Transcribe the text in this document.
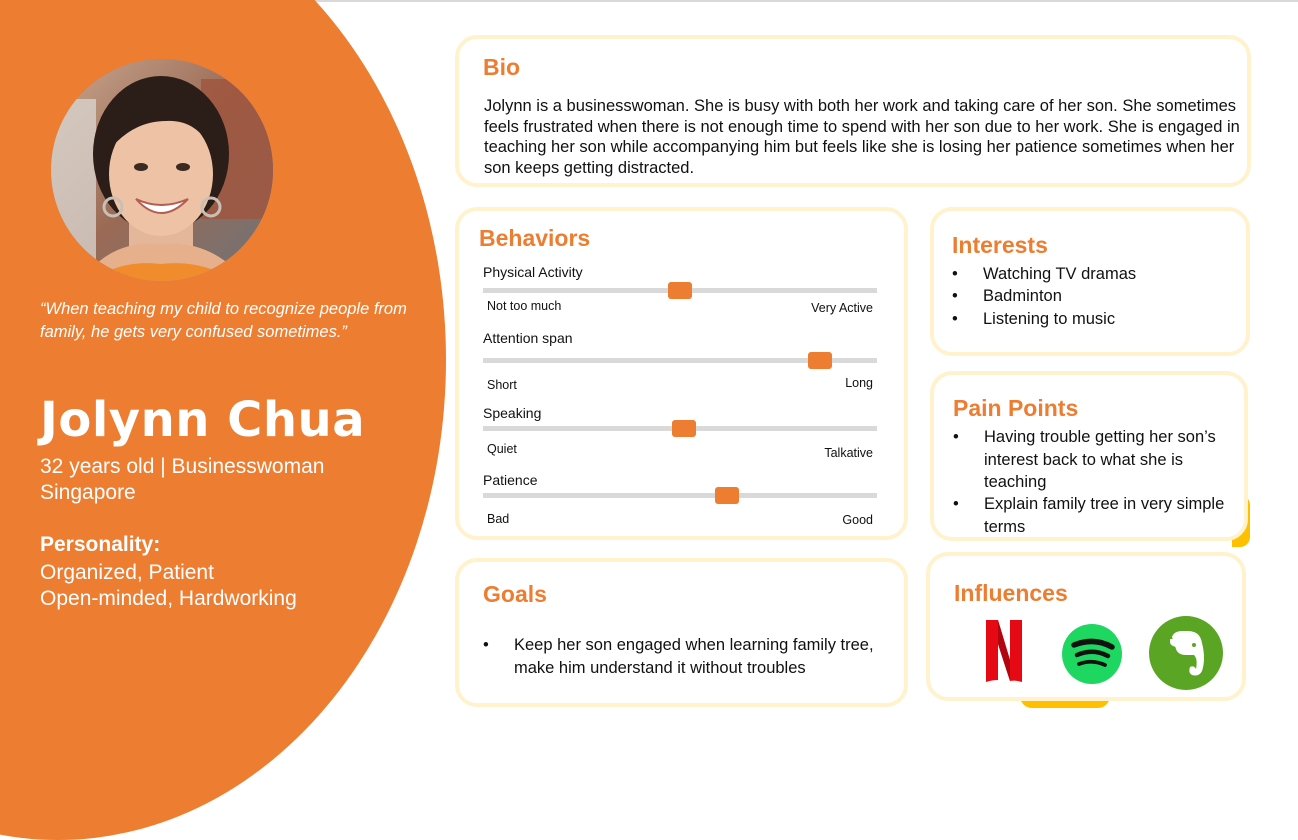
“When teaching my child to recognize people from family, he gets very confused sometimes.”
Jolynn Chua
32 years old | Businesswoman
Singapore
Personality:
Organized, Patient
Open-minded, Hardworking
Bio
Jolynn is a businesswoman. She is busy with both her work and taking care of her son. She sometimes feels frustrated when there is not enough time to spend with her son due to her work. She is engaged in teaching her son while accompanying him but feels like she is losing her patience sometimes when her son keeps getting distracted.
Behaviors
Physical Activity
Not too much	Very Active
Attention span
Short	Long
Speaking
Quiet	Talkative
Patience
Bad	Good
Interests
•	Watching TV dramas
•	Badminton
•	Listening to music
Pain Points
•	Having trouble getting her son’s interest back to what she is teaching
•	Explain family tree in very simple terms
Goals
•	Keep her son engaged when learning family tree, make him understand it without troubles
Influences
